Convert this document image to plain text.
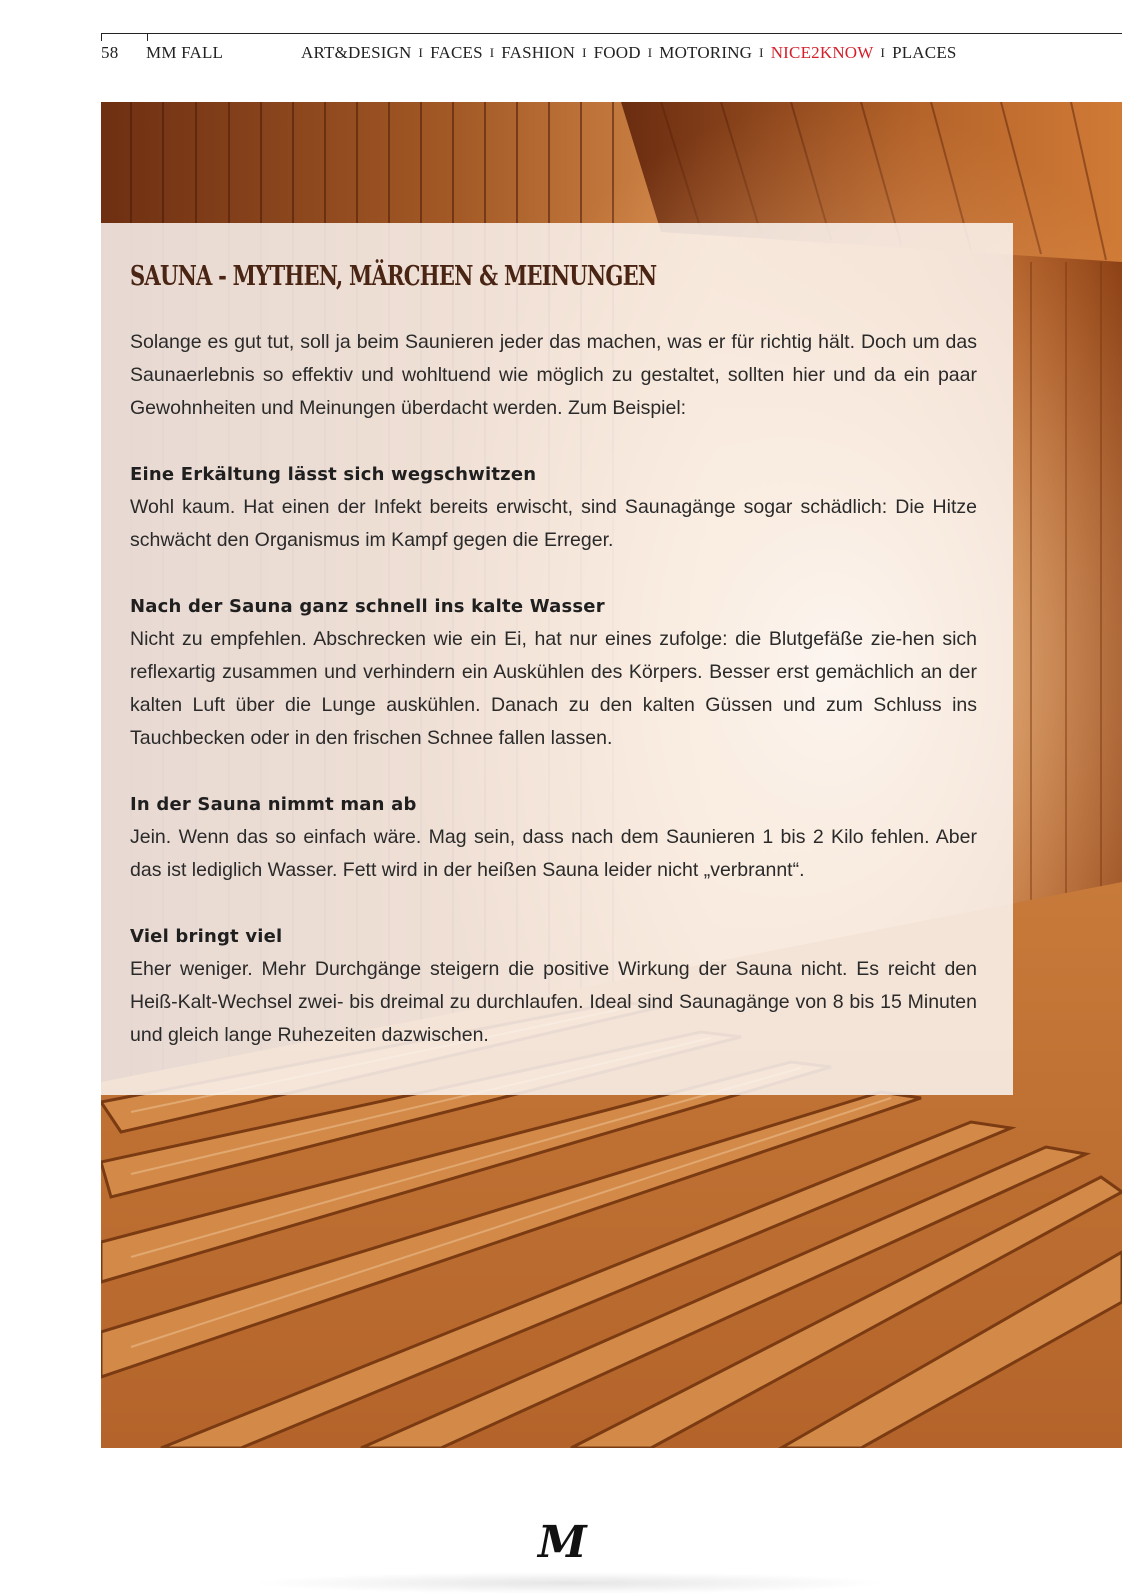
58 MM FALL	ART&DESIGN I FACES I FASHION I FOOD I MOTORING I NICE2KNOW I PLACES
SAUNA - MYTHEN, MÄRCHEN & MEINUNGEN

Solange es gut tut, soll ja beim Saunieren jeder das machen, was er für richtig hält. Doch um das Saunaerlebnis so effektiv und wohltuend wie möglich zu gestaltet, sollten hier und da ein paar Gewohnheiten und Meinungen überdacht werden. Zum Beispiel:

Eine Erkältung lässt sich wegschwitzen

Wohl kaum. Hat einen der Infekt bereits erwischt, sind Saunagänge sogar schädlich: Die Hitze schwächt den Organismus im Kampf gegen die Erreger.

Nach der Sauna ganz schnell ins kalte Wasser

Nicht zu empfehlen. Abschrecken wie ein Ei, hat nur eines zufolge: die Blutgefäße zie-hen sich reflexartig zusammen und verhindern ein Auskühlen des Körpers. Besser erst gemächlich an der kalten Luft über die Lunge auskühlen. Danach zu den kalten Güssen und zum Schluss ins Tauchbecken oder in den frischen Schnee fallen lassen.

In der Sauna nimmt man ab

Jein. Wenn das so einfach wäre. Mag sein, dass nach dem Saunieren 1 bis 2 Kilo fehlen. Aber das ist lediglich Wasser. Fett wird in der heißen Sauna leider nicht „verbrannt“.

Viel bringt viel

Eher weniger. Mehr Durchgänge steigern die positive Wirkung der Sauna nicht. Es reicht den Heiß-Kalt-Wechsel zwei- bis dreimal zu durchlaufen. Ideal sind Saunagänge von 8 bis 15 Minuten und gleich lange Ruhezeiten dazwischen.

M
